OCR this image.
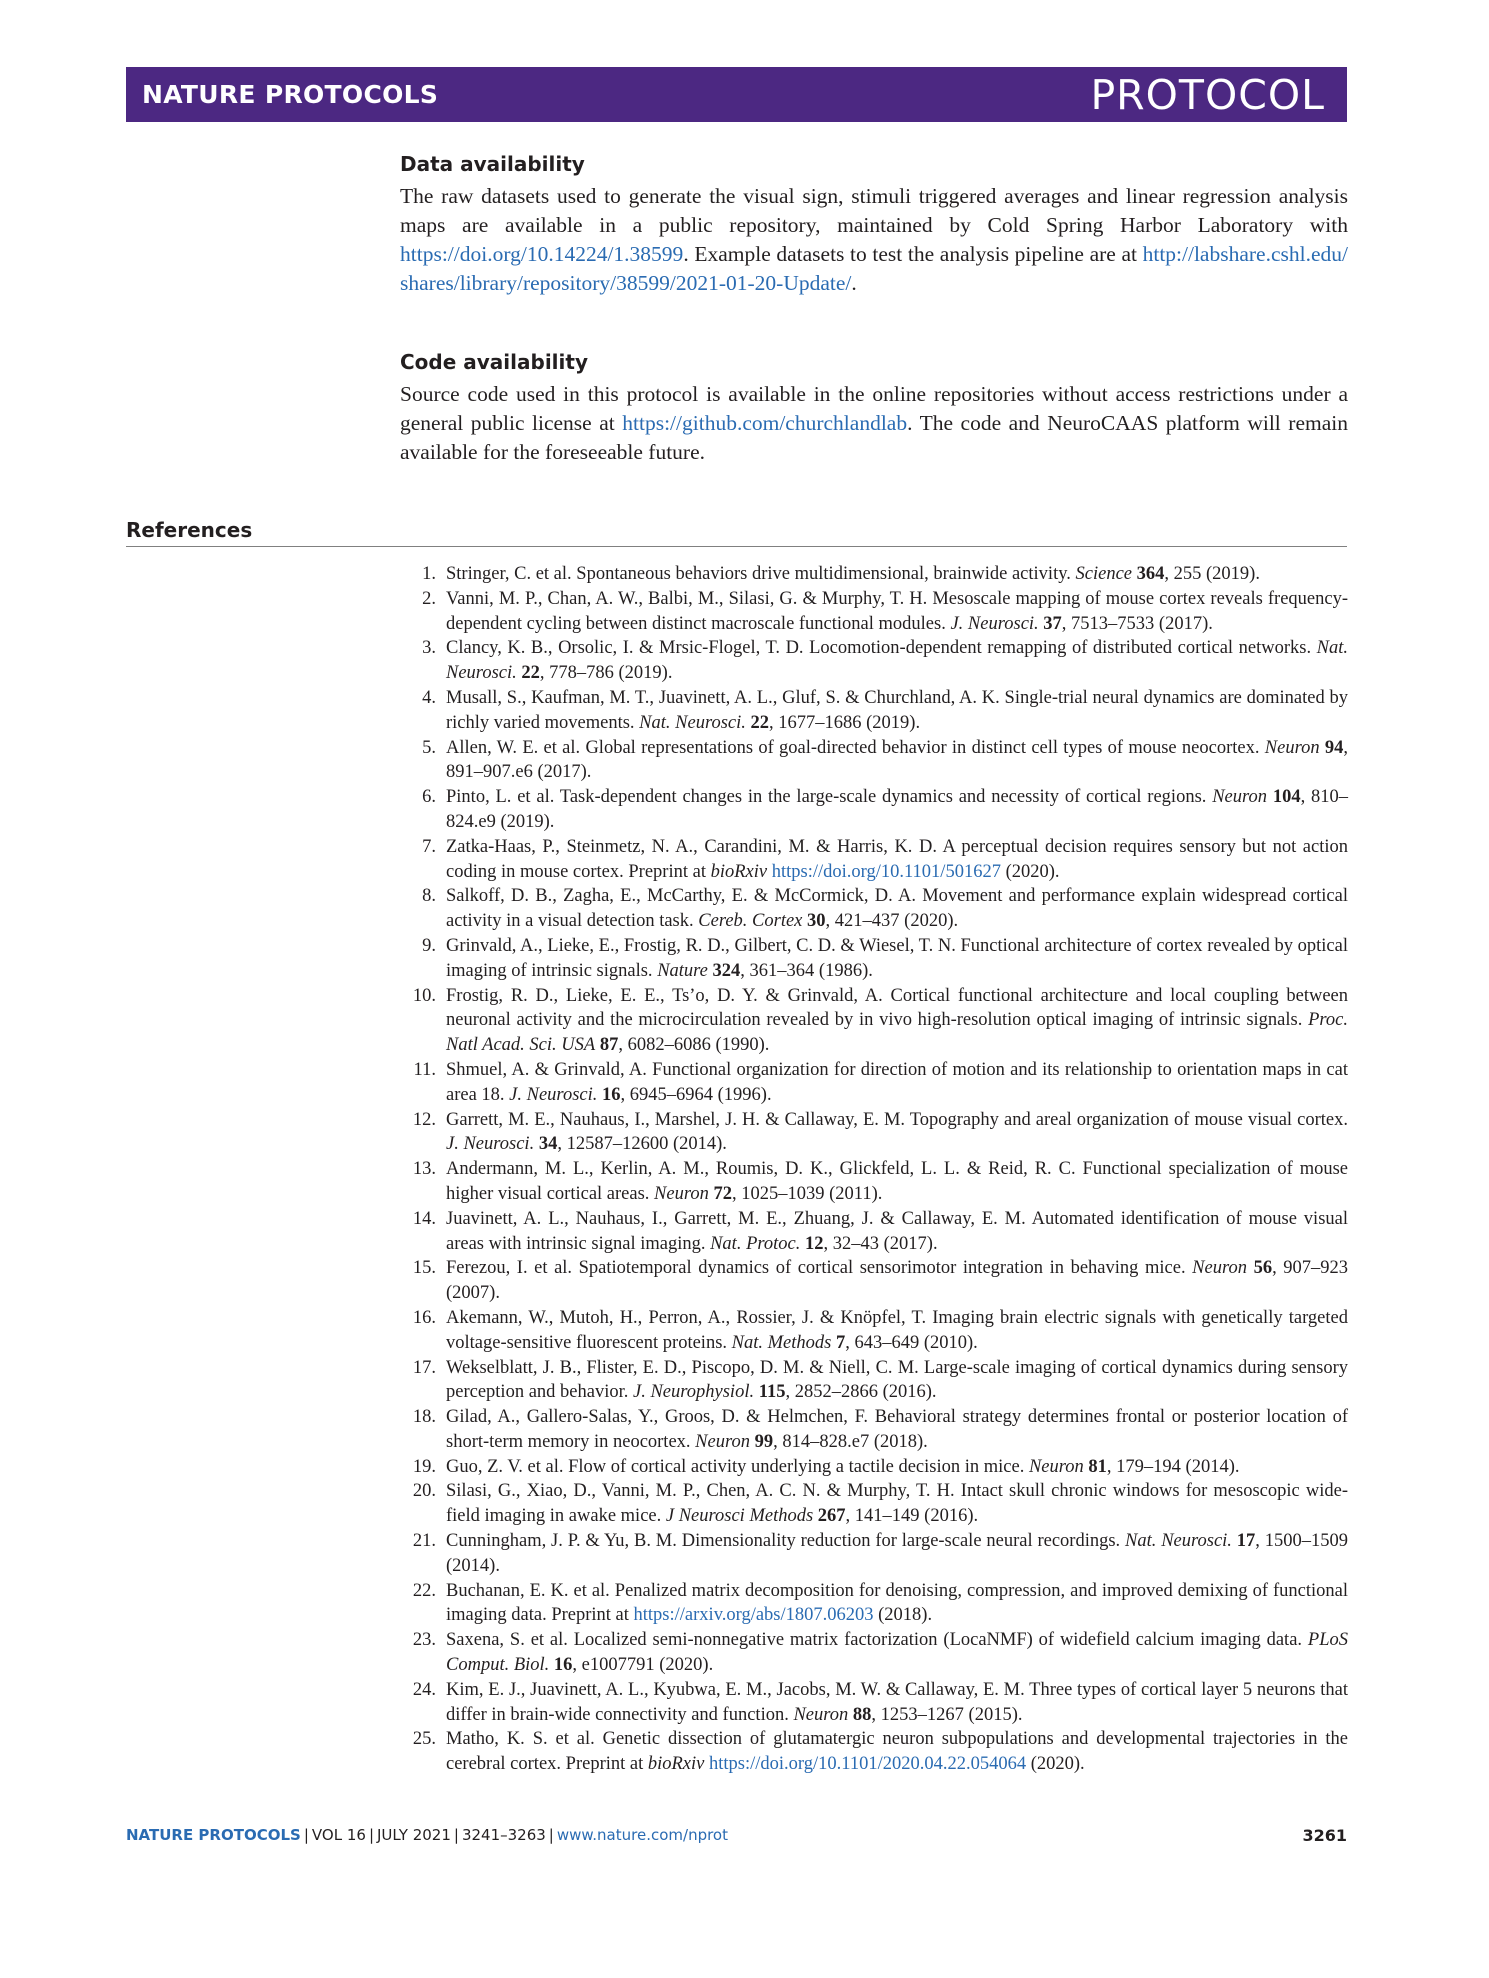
NATURE PROTOCOLS	PROTOCOL
Data availability

The raw datasets used to generate the visual sign, stimuli triggered averages and linear regression analysis maps are available in a public repository, maintained by Cold Spring Harbor Laboratory with https://doi.org/10.14224/1.38599. Example datasets to test the analysis pipeline are at http://labshare.cshl.edu/shares/library/repository/38599/2021-01-20-Update/.

Code availability

Source code used in this protocol is available in the online repositories without access restrictions under a general public license at https://github.com/churchlandlab. The code and NeuroCAAS platform will remain available for the foreseeable future.

References
1. Stringer, C. et al. Spontaneous behaviors drive multidimensional, brainwide activity. Science 364, 255 (2019).
2. Vanni, M. P., Chan, A. W., Balbi, M., Silasi, G. & Murphy, T. H. Mesoscale mapping of mouse cortex reveals frequency-dependent cycling between distinct macroscale functional modules. J. Neurosci. 37, 7513–7533 (2017).
3. Clancy, K. B., Orsolic, I. & Mrsic-Flogel, T. D. Locomotion-dependent remapping of distributed cortical networks. Nat. Neurosci. 22, 778–786 (2019).
4. Musall, S., Kaufman, M. T., Juavinett, A. L., Gluf, S. & Churchland, A. K. Single-trial neural dynamics are dominated by richly varied movements. Nat. Neurosci. 22, 1677–1686 (2019).
5. Allen, W. E. et al. Global representations of goal-directed behavior in distinct cell types of mouse neocortex. Neuron 94, 891–907.e6 (2017).
6. Pinto, L. et al. Task-dependent changes in the large-scale dynamics and necessity of cortical regions. Neuron 104, 810–824.e9 (2019).
7. Zatka-Haas, P., Steinmetz, N. A., Carandini, M. & Harris, K. D. A perceptual decision requires sensory but not action coding in mouse cortex. Preprint at bioRxiv https://doi.org/10.1101/501627 (2020).
8. Salkoff, D. B., Zagha, E., McCarthy, E. & McCormick, D. A. Movement and performance explain widespread cortical activity in a visual detection task. Cereb. Cortex 30, 421–437 (2020).
9. Grinvald, A., Lieke, E., Frostig, R. D., Gilbert, C. D. & Wiesel, T. N. Functional architecture of cortex revealed by optical imaging of intrinsic signals. Nature 324, 361–364 (1986).
10. Frostig, R. D., Lieke, E. E., Ts’o, D. Y. & Grinvald, A. Cortical functional architecture and local coupling between neuronal activity and the microcirculation revealed by in vivo high-resolution optical imaging of intrinsic signals. Proc. Natl Acad. Sci. USA 87, 6082–6086 (1990).
11. Shmuel, A. & Grinvald, A. Functional organization for direction of motion and its relationship to orientation maps in cat area 18. J. Neurosci. 16, 6945–6964 (1996).
12. Garrett, M. E., Nauhaus, I., Marshel, J. H. & Callaway, E. M. Topography and areal organization of mouse visual cortex. J. Neurosci. 34, 12587–12600 (2014).
13. Andermann, M. L., Kerlin, A. M., Roumis, D. K., Glickfeld, L. L. & Reid, R. C. Functional specialization of mouse higher visual cortical areas. Neuron 72, 1025–1039 (2011).
14. Juavinett, A. L., Nauhaus, I., Garrett, M. E., Zhuang, J. & Callaway, E. M. Automated identification of mouse visual areas with intrinsic signal imaging. Nat. Protoc. 12, 32–43 (2017).
15. Ferezou, I. et al. Spatiotemporal dynamics of cortical sensorimotor integration in behaving mice. Neuron 56, 907–923 (2007).
16. Akemann, W., Mutoh, H., Perron, A., Rossier, J. & Knöpfel, T. Imaging brain electric signals with genetically targeted voltage-sensitive fluorescent proteins. Nat. Methods 7, 643–649 (2010).
17. Wekselblatt, J. B., Flister, E. D., Piscopo, D. M. & Niell, C. M. Large-scale imaging of cortical dynamics during sensory perception and behavior. J. Neurophysiol. 115, 2852–2866 (2016).
18. Gilad, A., Gallero-Salas, Y., Groos, D. & Helmchen, F. Behavioral strategy determines frontal or posterior location of short-term memory in neocortex. Neuron 99, 814–828.e7 (2018).
19. Guo, Z. V. et al. Flow of cortical activity underlying a tactile decision in mice. Neuron 81, 179–194 (2014).
20. Silasi, G., Xiao, D., Vanni, M. P., Chen, A. C. N. & Murphy, T. H. Intact skull chronic windows for mesoscopic wide-field imaging in awake mice. J Neurosci Methods 267, 141–149 (2016).
21. Cunningham, J. P. & Yu, B. M. Dimensionality reduction for large-scale neural recordings. Nat. Neurosci. 17, 1500–1509 (2014).
22. Buchanan, E. K. et al. Penalized matrix decomposition for denoising, compression, and improved demixing of functional imaging data. Preprint at https://arxiv.org/abs/1807.06203 (2018).
23. Saxena, S. et al. Localized semi-nonnegative matrix factorization (LocaNMF) of widefield calcium imaging data. PLoS Comput. Biol. 16, e1007791 (2020).
24. Kim, E. J., Juavinett, A. L., Kyubwa, E. M., Jacobs, M. W. & Callaway, E. M. Three types of cortical layer 5 neurons that differ in brain-wide connectivity and function. Neuron 88, 1253–1267 (2015).
25. Matho, K. S. et al. Genetic dissection of glutamatergic neuron subpopulations and developmental trajectories in the cerebral cortex. Preprint at bioRxiv https://doi.org/10.1101/2020.04.22.054064 (2020).
NATURE PROTOCOLS | VOL 16 | JULY 2021 | 3241–3263 | www.nature.com/nprot	3261
